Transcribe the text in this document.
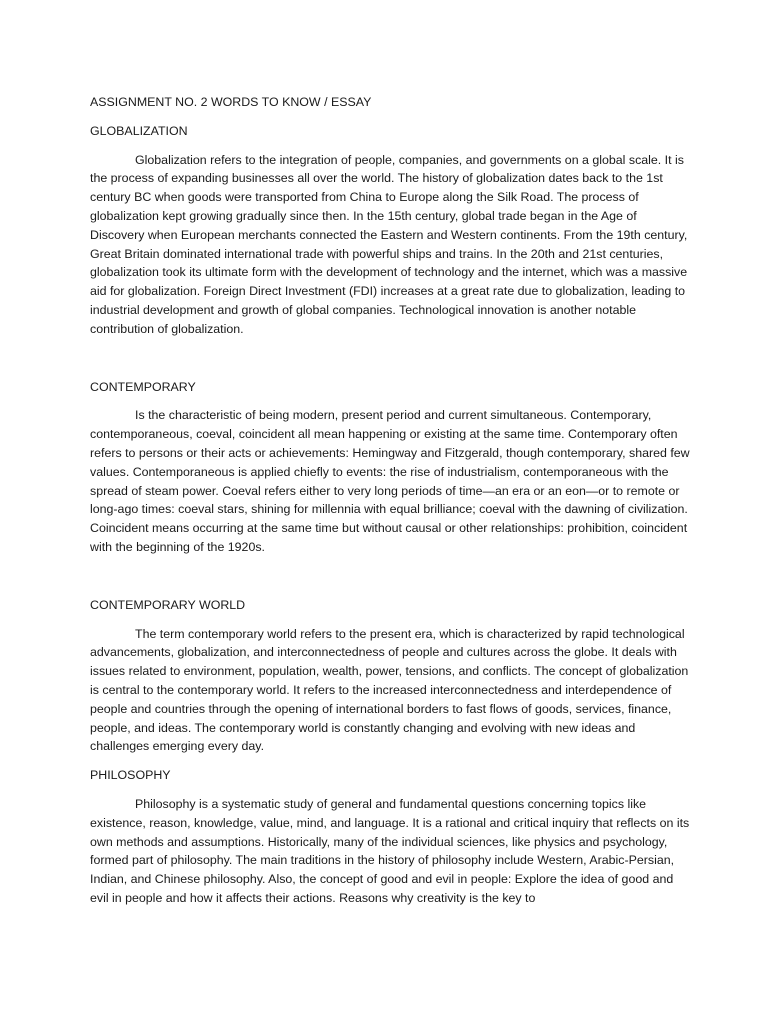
ASSIGNMENT NO. 2 WORDS TO KNOW / ESSAY

GLOBALIZATION

Globalization refers to the integration of people, companies, and governments on a global scale. It is the process of expanding businesses all over the world. The history of globalization dates back to the 1st century BC when goods were transported from China to Europe along the Silk Road. The process of globalization kept growing gradually since then. In the 15th century, global trade began in the Age of Discovery when European merchants connected the Eastern and Western continents. From the 19th century, Great Britain dominated international trade with powerful ships and trains. In the 20th and 21st centuries, globalization took its ultimate form with the development of technology and the internet, which was a massive aid for globalization. Foreign Direct Investment (FDI) increases at a great rate due to globalization, leading to industrial development and growth of global companies. Technological innovation is another notable contribution of globalization.

CONTEMPORARY

Is the characteristic of being modern, present period and current simultaneous. Contemporary, contemporaneous, coeval, coincident all mean happening or existing at the same time. Contemporary often refers to persons or their acts or achievements: Hemingway and Fitzgerald, though contemporary, shared few values. Contemporaneous is applied chiefly to events: the rise of industrialism, contemporaneous with the spread of steam power. Coeval refers either to very long periods of time—an era or an eon—or to remote or long-ago times: coeval stars, shining for millennia with equal brilliance; coeval with the dawning of civilization. Coincident means occurring at the same time but without causal or other relationships: prohibition, coincident with the beginning of the 1920s.

CONTEMPORARY WORLD

The term contemporary world refers to the present era, which is characterized by rapid technological advancements, globalization, and interconnectedness of people and cultures across the globe. It deals with issues related to environment, population, wealth, power, tensions, and conflicts. The concept of globalization is central to the contemporary world. It refers to the increased interconnectedness and interdependence of people and countries through the opening of international borders to fast flows of goods, services, finance, people, and ideas. The contemporary world is constantly changing and evolving with new ideas and challenges emerging every day.

PHILOSOPHY

Philosophy is a systematic study of general and fundamental questions concerning topics like existence, reason, knowledge, value, mind, and language. It is a rational and critical inquiry that reflects on its own methods and assumptions. Historically, many of the individual sciences, like physics and psychology, formed part of philosophy. The main traditions in the history of philosophy include Western, Arabic-Persian, Indian, and Chinese philosophy. Also, the concept of good and evil in people: Explore the idea of good and evil in people and how it affects their actions. Reasons why creativity is the key to
